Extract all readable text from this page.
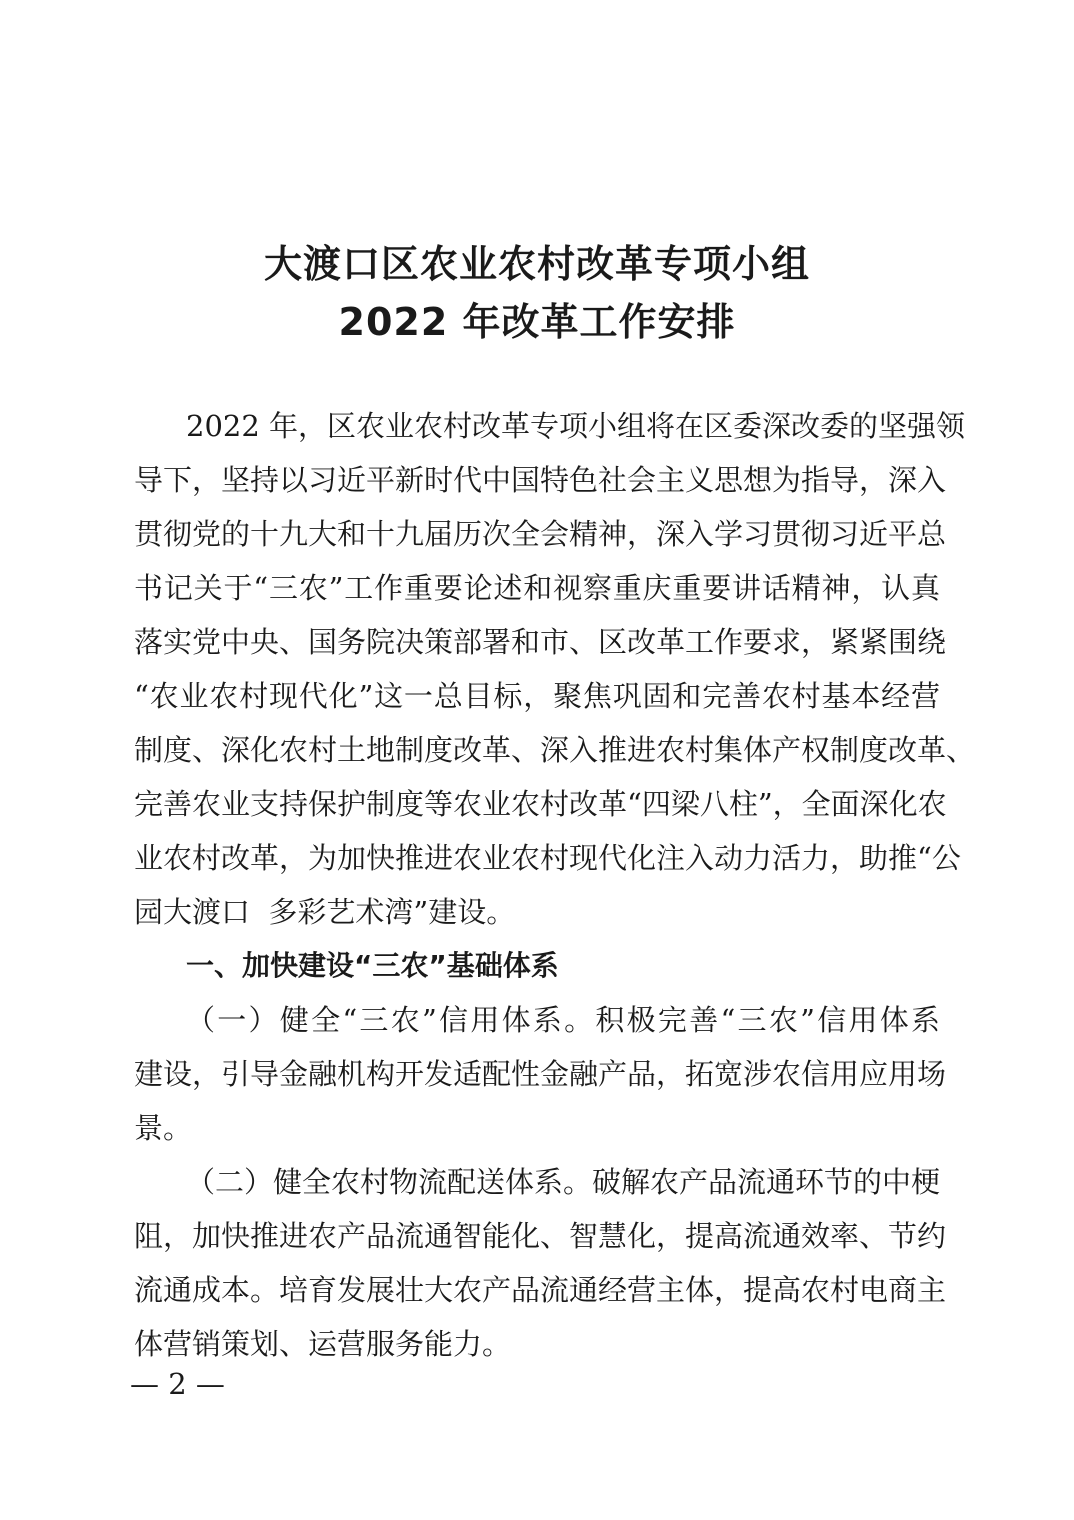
大渡口区农业农村改革专项小组
2022 年改革工作安排
2022 年，区农业农村改革专项小组将在区委深改委的坚强领
导下，坚持以习近平新时代中国特色社会主义思想为指导，深入
贯彻党的十九大和十九届历次全会精神，深入学习贯彻习近平总
书记关于“三农”工作重要论述和视察重庆重要讲话精神，认真
落实党中央、国务院决策部署和市、区改革工作要求，紧紧围绕
“农业农村现代化”这一总目标，聚焦巩固和完善农村基本经营
制度、深化农村土地制度改革、深入推进农村集体产权制度改革、
完善农业支持保护制度等农业农村改革“四梁八柱”，全面深化农
业农村改革，为加快推进农业农村现代化注入动力活力，助推“公
园大渡口  多彩艺术湾”建设。
一、加快建设“三农”基础体系
（一）健全“三农”信用体系。积极完善“三农”信用体系
建设，引导金融机构开发适配性金融产品，拓宽涉农信用应用场
景。
（二）健全农村物流配送体系。破解农产品流通环节的中梗
阻，加快推进农产品流通智能化、智慧化，提高流通效率、节约
流通成本。培育发展壮大农产品流通经营主体，提高农村电商主
体营销策划、运营服务能力。
— 2 —
